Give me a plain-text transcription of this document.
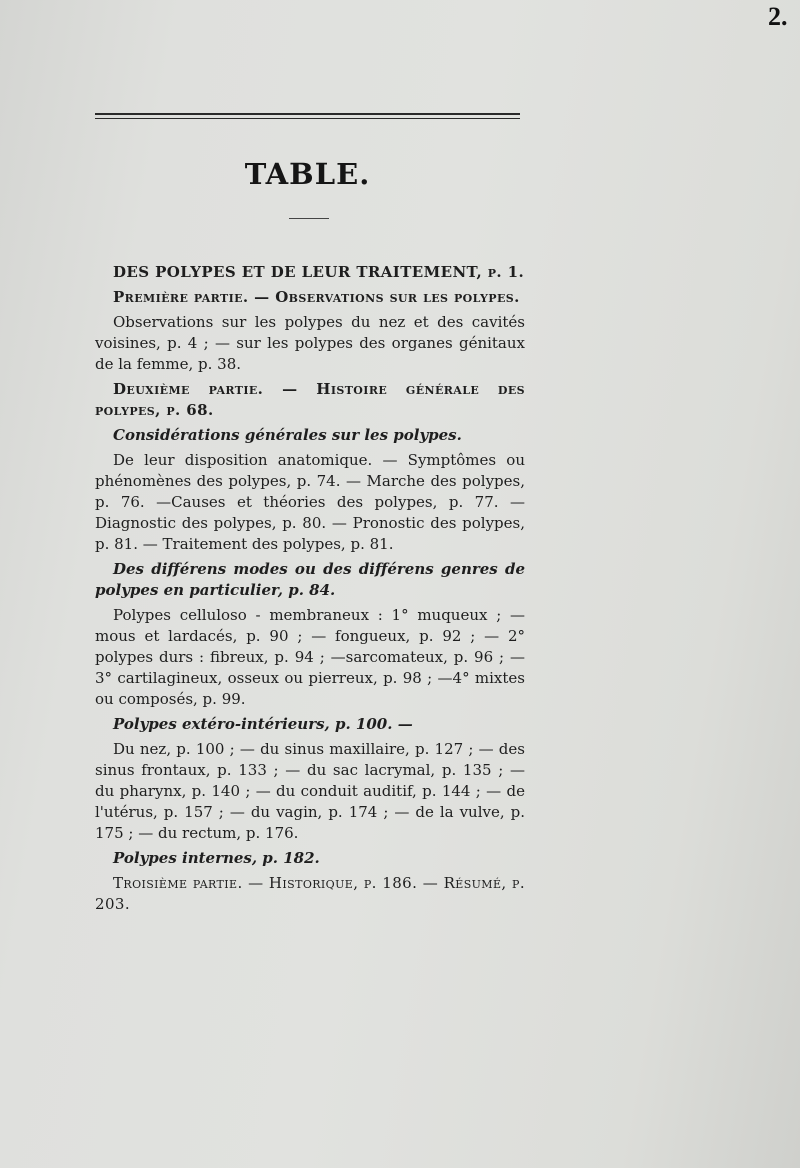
2.
TABLE.

DES POLYPES ET DE LEUR TRAITEMENT, p. 1.

Première partie. — Observations sur les polypes.

Observations sur les polypes du nez et des cavités voisines, p. 4 ; — sur les polypes des organes génitaux de la femme, p. 38.

Deuxième partie. — Histoire générale des polypes, p. 68.

Considérations générales sur les polypes.

De leur disposition anatomique. — Symptômes ou phénomènes des polypes, p. 74. — Marche des polypes, p. 76. —Causes et théories des polypes, p. 77. — Diagnostic des polypes, p. 80. — Pronostic des polypes, p. 81. — Traitement des polypes, p. 81.

Des différens modes ou des différens genres de polypes en particulier, p. 84.

Polypes celluloso - membraneux : 1° muqueux ; — mous et lardacés, p. 90 ; — fongueux, p. 92 ; — 2° polypes durs : fibreux, p. 94 ; —sarcomateux, p. 96 ; —3° cartilagineux, osseux ou pierreux, p. 98 ; —4° mixtes ou composés, p. 99.

Polypes extéro-intérieurs, p. 100. —

Du nez, p. 100 ; — du sinus maxillaire, p. 127 ; — des sinus frontaux, p. 133 ; — du sac lacrymal, p. 135 ; — du pharynx, p. 140 ; — du conduit auditif, p. 144 ; — de l'utérus, p. 157 ; — du vagin, p. 174 ; — de la vulve, p. 175 ; — du rectum, p. 176.

Polypes internes, p. 182.

Troisième partie. — Historique, p. 186. — Résumé, p. 203.
